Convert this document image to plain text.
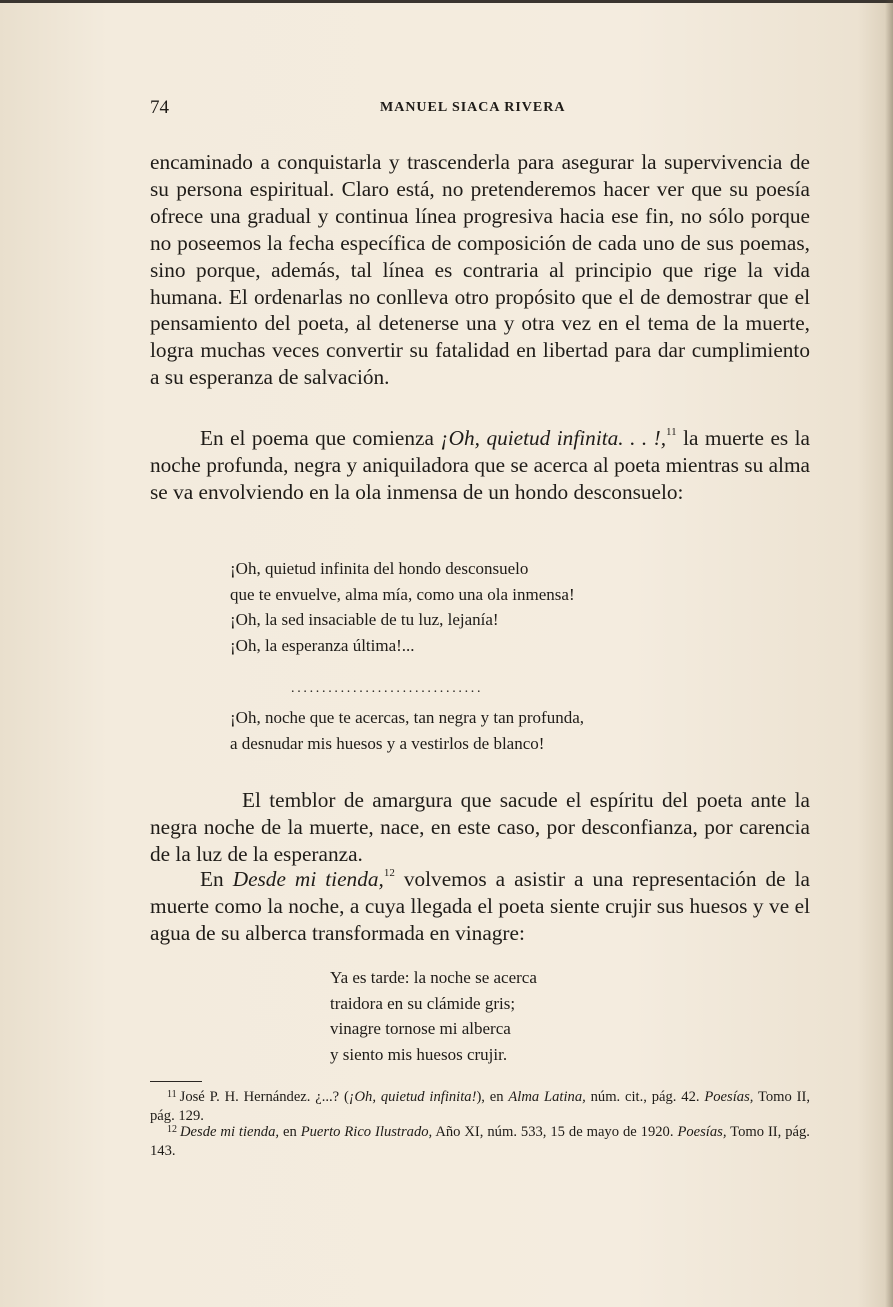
74	MANUEL SIACA RIVERA
encaminado a conquistarla y trascenderla para asegurar la supervivencia de su persona espiritual. Claro está, no pretenderemos hacer ver que su poesía ofrece una gradual y continua línea progresiva hacia ese fin, no sólo porque no poseemos la fecha específica de composición de cada uno de sus poemas, sino porque, además, tal línea es contraria al principio que rige la vida humana. El ordenarlas no conlleva otro propósito que el de demostrar que el pensamiento del poeta, al detenerse una y otra vez en el tema de la muerte, logra muchas veces convertir su fatalidad en libertad para dar cumplimiento a su esperanza de salvación.
En el poema que comienza ¡Oh, quietud infinita. . . !,$^{11}$ la muerte es la noche profunda, negra y aniquiladora que se acerca al poeta mientras su alma se va envolviendo en la ola inmensa de un hondo desconsuelo:
¡Oh, quietud infinita del hondo desconsuelo
que te envuelve, alma mía, como una ola inmensa!
¡Oh, la sed insaciable de tu luz, lejanía!
¡Oh, la esperanza última!...
...............................
¡Oh, noche que te acercas, tan negra y tan profunda,
a desnudar mis huesos y a vestirlos de blanco!
El temblor de amargura que sacude el espíritu del poeta ante la negra noche de la muerte, nace, en este caso, por desconfianza, por carencia de la luz de la esperanza.
En Desde mi tienda,$^{12}$ volvemos a asistir a una representación de la muerte como la noche, a cuya llegada el poeta siente crujir sus huesos y ve el agua de su alberca transformada en vinagre:
Ya es tarde: la noche se acerca
traidora en su clámide gris;
vinagre tornose mi alberca
y siento mis huesos crujir.
$^{11}$ José P. H. Hernández. ¿...? (¡Oh, quietud infinita!), en Alma Latina, núm. cit., pág. 42. Poesías, Tomo II, pág. 129.
$^{12}$ Desde mi tienda, en Puerto Rico Ilustrado, Año XI, núm. 533, 15 de mayo de 1920. Poesías, Tomo II, pág. 143.
